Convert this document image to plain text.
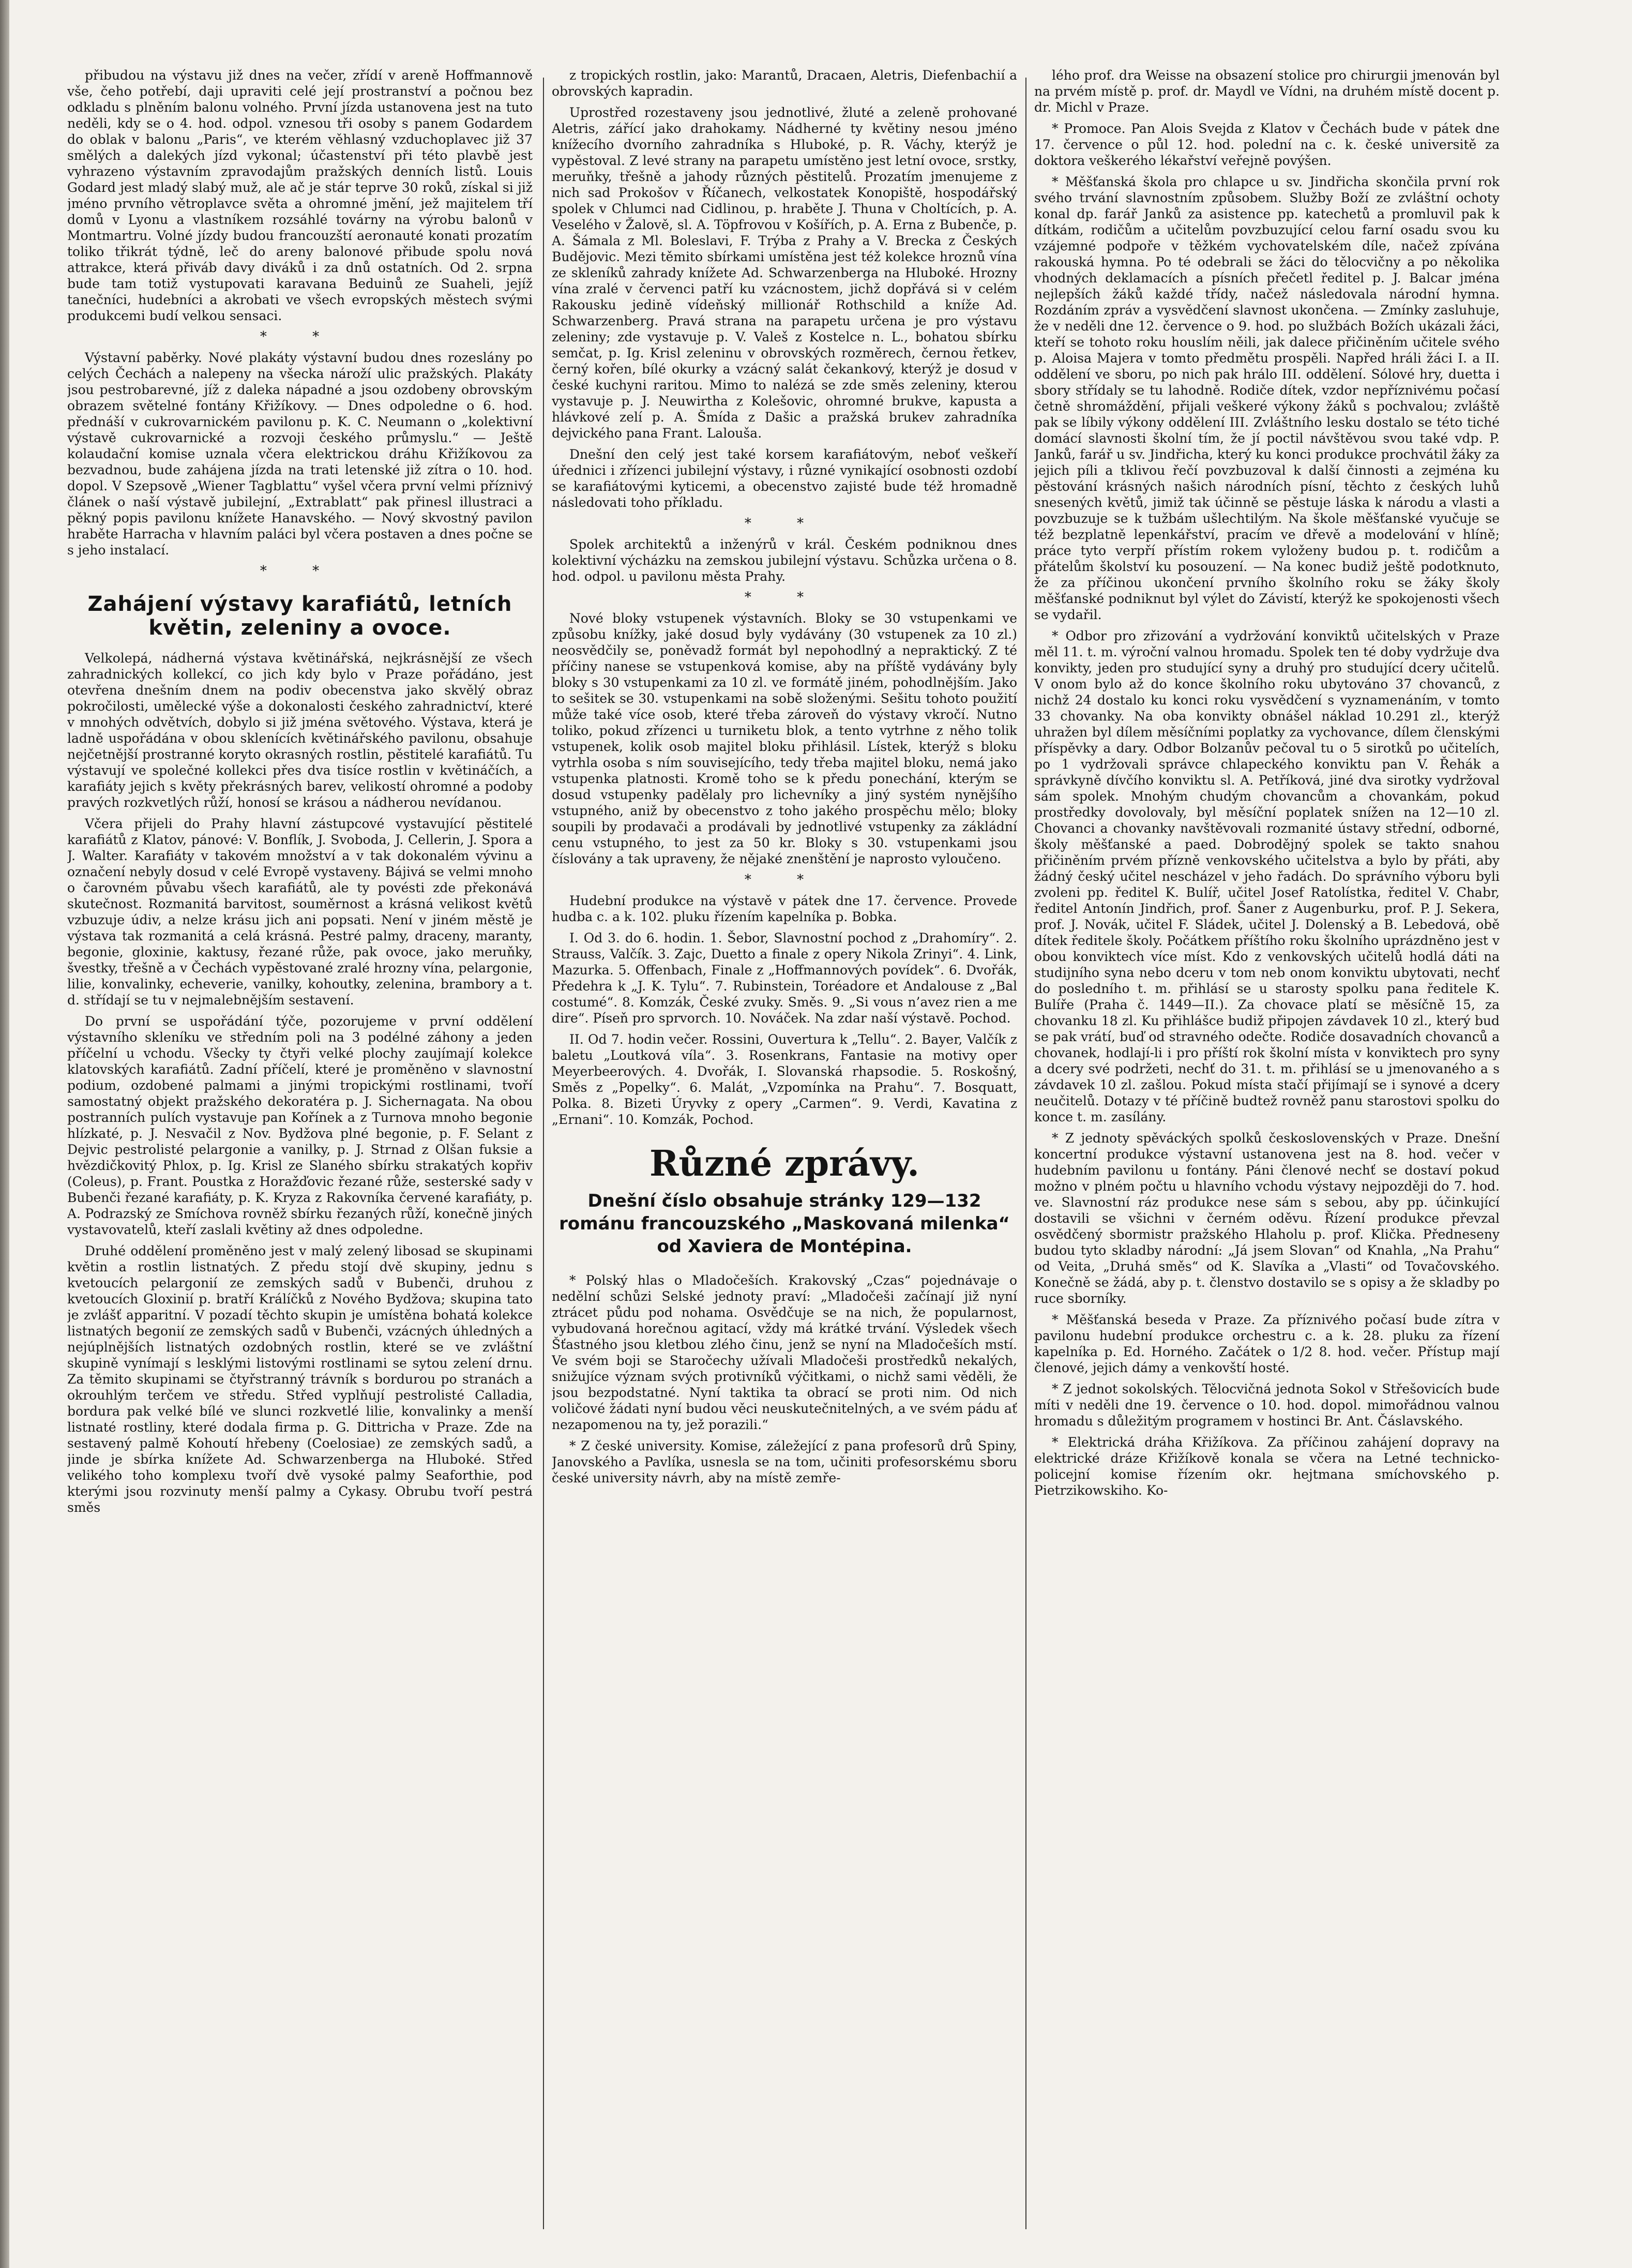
přibudou na výstavu již dnes na večer, zřídí v areně Hoffmannově vše, čeho potřebí, daji upraviti celé její prostranství a počnou bez odkladu s plněním balonu volného. První jízda ustanovena jest na tuto neděli, kdy se o 4. hod. odpol. vznesou tři osoby s panem Godardem do oblak v balonu „Paris“, ve kterém věhlasný vzduchoplavec již 37 smělých a dalekých jízd vykonal; účastenství při této plavbě jest vyhrazeno výstavním zpravodajům pražských denních listů. Louis Godard jest mladý slabý muž, ale ač je stár teprve 30 roků, získal si již jméno prvního větroplavce světa a ohromné jmění, jež majitelem tří domů v Lyonu a vlastníkem rozsáhlé továrny na výrobu balonů v Montmartru. Volné jízdy budou francouzští aeronauté konati prozatím toliko třikrát týdně, leč do areny balonové přibude spolu nová attrakce, která přiváb davy diváků i za dnů ostatních. Od 2. srpna bude tam totiž vystupovati karavana Beduinů ze Suaheli, jejíž tanečníci, hudebníci a akrobati ve všech evropských městech svými produkcemi budí velkou sensaci.

* *

Výstavní paběrky. Nové plakáty výstavní budou dnes rozeslány po celých Čechách a nalepeny na všecka nároží ulic pražských. Plakáty jsou pestrobarevné, jíž z daleka nápadné a jsou ozdobeny obrovským obrazem světelné fontány Křižíkovy. — Dnes odpoledne o 6. hod. přednáší v cukrovarnickém pavilonu p. K. C. Neumann o „kolektivní výstavě cukrovarnické a rozvoji českého průmyslu.“ — Ještě kolaudační komise uznala včera elektrickou dráhu Křižíkovou za bezvadnou, bude zahájena jízda na trati letenské již zítra o 10. hod. dopol. V Szepsově „Wiener Tagblattu“ vyšel včera první velmi příznivý článek o naší výstavě jubilejní, „Extrablatt“ pak přinesl illustraci a pěkný popis pavilonu knížete Hanavského. — Nový skvostný pavilon hraběte Harracha v hlavním paláci byl včera postaven a dnes počne se s jeho instalací.

* *
Zahájení výstavy karafiátů, letních květin, zeleniny a ovoce.

Velkolepá, nádherná výstava květinářská, nejkrásnější ze všech zahradnických kollekcí, co jich kdy bylo v Praze pořádáno, jest otevřena dnešním dnem na podiv obecenstva jako skvělý obraz pokročilosti, umělecké výše a dokonalosti českého zahradnictví, které v mnohých odvětvích, dobylo si již jména světového. Výstava, která je ladně uspořádána v obou sklenících květinářského pavilonu, obsahuje nejčetnější prostranné koryto okrasných rostlin, pěstitelé karafiátů. Tu výstavují ve společné kollekci přes dva tisíce rostlin v květináčích, a karafiáty jejich s květy překrásných barev, velikostí ohromné a podoby pravých rozkvetlých růží, honosí se krásou a nádherou nevídanou.

Včera přijeli do Prahy hlavní zástupcové vystavující pěstitelé karafiátů z Klatov, pánové: V. Bonflík, J. Svoboda, J. Cellerin, J. Spora a J. Walter. Karafiáty v takovém množství a v tak dokonalém vývinu a označení nebyly dosud v celé Evropě vystaveny. Bájivá se velmi mnoho o čarovném půvabu všech karafiátů, ale ty povésti zde překonává skutečnost. Rozmanitá barvitost, souměrnost a krásná velikost květů vzbuzuje údiv, a nelze krásu jich ani popsati. Není v jiném městě je výstava tak rozmanitá a celá krásná. Pestré palmy, draceny, maranty, begonie, gloxinie, kaktusy, řezané růže, pak ovoce, jako meruňky, švestky, třešně a v Čechách vypěstované zralé hrozny vína, pelargonie, lilie, konvalinky, echeverie, vanilky, kohoutky, zelenina, brambory a t. d. střídají se tu v nejmalebnějším sestavení.

Do první se uspořádání týče, pozorujeme v první oddělení výstavního skleníku ve středním poli na 3 podélné záhony a jeden příčelní u vchodu. Všecky ty čtyři velké plochy zaujímají kolekce klatovských karafiátů. Zadní příčelí, které je proměněno v slavnostní podium, ozdobené palmami a jinými tropickými rostlinami, tvoří samostatný objekt pražského dekoratéra p. J. Sichernagata. Na obou postranních pulích vystavuje pan Kořínek a z Turnova mnoho begonie hlízkaté, p. J. Nesvačil z Nov. Bydžova plné begonie, p. F. Selant z Dejvic pestrolisté pelargonie a vanilky, p. J. Strnad z Olšan fuksie a hvězdičkovitý Phlox, p. Ig. Krisl ze Slaného sbírku strakatých kopřiv (Coleus), p. Frant. Poustka z Horažďovic řezané růže, sesterské sady v Bubenči řezané karafiáty, p. K. Kryza z Rakovníka červené karafiáty, p. A. Podrazský ze Smíchova rovněž sbírku řezaných růží, konečně jiných vystavovatelů, kteří zaslali květiny až dnes odpoledne.

Druhé oddělení proměněno jest v malý zelený libosad se skupinami květin a rostlin listnatých. Z předu stojí dvě skupiny, jednu s kvetoucích pelargonií ze zemských sadů v Bubenči, druhou z kvetoucích Gloxinií p. bratří Králíčků z Nového Bydžova; skupina tato je zvlášť apparitní. V pozadí těchto skupin je umístěna bohatá kolekce listnatých begonií ze zemských sadů v Bubenči, vzácných úhledných a nejúplnějších listnatých ozdobných rostlin, které se ve zvláštní skupině vynímají s lesklými listovými rostlinami se sytou zelení drnu. Za těmito skupinami se čtyřstranný trávník s bordurou po stranách a okrouhlým terčem ve středu. Střed vyplňují pestrolisté Calladia, bordura pak velké bílé ve slunci rozkvetlé lilie, konvalinky a menší listnaté rostliny, které dodala firma p. G. Dittricha v Praze. Zde na sestavený palmě Kohoutí hřebeny (Coelosiae) ze zemských sadů, a jinde je sbírka knížete Ad. Schwarzenberga na Hluboké. Střed velikého toho komplexu tvoří dvě vysoké palmy Seaforthie, pod kterými jsou rozvinuty menší palmy a Cykasy. Obrubu tvoří pestrá směs

z tropických rostlin, jako: Marantů, Dracaen, Aletris, Diefenbachií a obrovských kapradin.

Uprostřed rozestaveny jsou jednotlivé, žluté a zeleně prohované Aletris, zářící jako drahokamy. Nádherné ty květiny nesou jméno knížecího dvorního zahradníka s Hluboké, p. R. Váchy, kterýž je vypěstoval. Z levé strany na parapetu umístěno jest letní ovoce, srstky, meruňky, třešně a jahody různých pěstitelů. Prozatím jmenujeme z nich sad Prokošov v Říčanech, velkostatek Konopiště, hospodářský spolek v Chlumci nad Cidlinou, p. hraběte J. Thuna v Choltících, p. A. Veselého v Žalově, sl. A. Töpfrovou v Košířích, p. A. Erna z Bubenče, p. A. Šámala z Ml. Boleslavi, F. Trýba z Prahy a V. Brecka z Českých Budějovic. Mezi těmito sbírkami umístěna jest též kolekce hroznů vína ze skleníků zahrady knížete Ad. Schwarzenberga na Hluboké. Hrozny vína zralé v červenci patří ku vzácnostem, jichž dopřává si v celém Rakousku jedině vídeňský millionář Rothschild a kníže Ad. Schwarzenberg. Pravá strana na parapetu určena je pro výstavu zeleniny; zde vystavuje p. V. Valeš z Kostelce n. L., bohatou sbírku semčat, p. Ig. Krisl zeleninu v obrovských rozměrech, černou řetkev, černý kořen, bílé okurky a vzácný salát čekankový, kterýž je dosud v české kuchyni raritou. Mimo to nalézá se zde směs zeleniny, kterou vystavuje p. J. Neuwirtha z Kolešovic, ohromné brukve, kapusta a hlávkové zelí p. A. Šmída z Dašic a pražská brukev zahradníka dejvického pana Frant. Lalouša.

Dnešní den celý jest také korsem karafiátovým, neboť veškeří úřednici i zřízenci jubilejní výstavy, i různé vynikající osobnosti ozdobí se karafiátovými kyticemi, a obecenstvo zajisté bude též hromadně následovati toho příkladu.

* *

Spolek architektů a inženýrů v král. Českém podniknou dnes kolektivní výcházku na zemskou jubilejní výstavu. Schůzka určena o 8. hod. odpol. u pavilonu města Prahy.

* *

Nové bloky vstupenek výstavních. Bloky se 30 vstupenkami ve způsobu knížky, jaké dosud byly vydávány (30 vstupenek za 10 zl.) neosvědčily se, poněvadž formát byl nepohodlný a nepraktický. Z té příčiny nanese se vstupenková komise, aby na příště vydávány byly bloky s 30 vstupenkami za 10 zl. ve formátě jiném, pohodlnějším. Jako to sešitek se 30. vstupenkami na sobě složenými. Sešitu tohoto použití může také více osob, které třeba zároveň do výstavy vkročí. Nutno toliko, pokud zřízenci u turniketu blok, a tento vytrhne z něho tolik vstupenek, kolik osob majitel bloku přihlásil. Lístek, kterýž s bloku vytrhla osoba s ním souvisejícího, tedy třeba majitel bloku, nemá jako vstupenka platnosti. Kromě toho se k předu ponechání, kterým se dosud vstupenky padělaly pro lichevníky a jiný systém nynějšího vstupného, aniž by obecenstvo z toho jakého prospěchu mělo; bloky soupili by prodavači a prodávali by jednotlivé vstupenky za zákládní cenu vstupného, to jest za 50 kr. Bloky s 30. vstupenkami jsou číslovány a tak upraveny, že nějaké znenštění je naprosto vyloučeno.

* *

Hudební produkce na výstavě v pátek dne 17. července. Provede hudba c. a k. 102. pluku řízením kapelníka p. Bobka.

I. Od 3. do 6. hodin. 1. Šebor, Slavnostní pochod z „Drahomíry“. 2. Strauss, Valčík. 3. Zajc, Duetto a finale z opery Nikola Zrinyi“. 4. Link, Mazurka. 5. Offenbach, Finale z „Hoffmannových povídek“. 6. Dvořák, Předehra k „J. K. Tylu“. 7. Rubinstein, Toréadore et Andalouse z „Bal costumé“. 8. Komzák, České zvuky. Směs. 9. „Si vous n’avez rien a me dire“. Píseň pro sprvorch. 10. Nováček. Na zdar naší výstavě. Pochod.

II. Od 7. hodin večer. Rossini, Ouvertura k „Tellu“. 2. Bayer, Valčík z baletu „Loutková víla“. 3. Rosenkrans, Fantasie na motivy oper Meyerbeerových. 4. Dvořák, I. Slovanská rhapsodie. 5. Roskošný, Směs z „Popelky“. 6. Malát, „Vzpomínka na Prahu“. 7. Bosquatt, Polka. 8. Bizeti Úryvky z opery „Carmen“. 9. Verdi, Kavatina z „Ernani“. 10. Komzák, Pochod.

Různé zprávy.
Dnešní číslo obsahuje stránky 129—132 románu francouzského „Maskovaná milenka“ od Xaviera de Montépina.

* Polský hlas o Mladočeších. Krakovský „Czas“ pojednávaje o nedělní schůzi Selské jednoty praví: „Mladočeši začínají již nyní ztrácet půdu pod nohama. Osvědčuje se na nich, že popularnost, vybudovaná horečnou agitací, vždy má krátké trvání. Výsledek všech Šťastného jsou kletbou zlého činu, jenž se nyní na Mladočeších mstí. Ve svém boji se Staročechy užívali Mladočeši prostředků nekalých, snižujíce význam svých protivníků výčitkami, o nichž sami věděli, že jsou bezpodstatné. Nyní taktika ta obrací se proti nim. Od nich voličové žádati nyní budou věci neuskutečnitelných, a ve svém pádu ať nezapomenou na ty, jež porazili.“

* Z české university. Komise, záležející z pana profesorů drů Spiny, Janovského a Pavlíka, usnesla se na tom, učiniti profesorskému sboru české university návrh, aby na místě zemře-

lého prof. dra Weisse na obsazení stolice pro chirurgii jmenován byl na prvém místě p. prof. dr. Maydl ve Vídni, na druhém místě docent p. dr. Michl v Praze.

* Promoce. Pan Alois Svejda z Klatov v Čechách bude v pátek dne 17. července o půl 12. hod. polední na c. k. české universitě za doktora veškerého lékařství veřejně povýšen.

* Měšťanská škola pro chlapce u sv. Jindřicha skončila první rok svého trvání slavnostním způsobem. Služby Boží ze zvláštní ochoty konal dp. farář Janků za asistence pp. katechetů a promluvil pak k dítkám, rodičům a učitelům povzbuzující celou farní osadu svou ku vzájemné podpoře v těžkém vychovatelském díle, načež zpívána rakouská hymna. Po té odebrali se žáci do tělocvičny a po několika vhodných deklamacích a písních přečetl ředitel p. J. Balcar jména nejlepších žáků každé třídy, načež následovala národní hymna. Rozdáním zpráv a vysvědčení slavnost ukončena. — Zmínky zasluhuje, že v neděli dne 12. července o 9. hod. po službách Božích ukázali žáci, kteří se tohoto roku houslím něili, jak dalece přičiněním učitele svého p. Aloisa Majera v tomto předmětu prospěli. Napřed hráli žáci I. a II. oddělení ve sboru, po nich pak hrálo III. oddělení. Sólové hry, duetta i sbory střídaly se tu lahodně. Rodiče dítek, vzdor nepříznivému počasí četně shromáždění, přijali veškeré výkony žáků s pochvalou; zvláště pak se líbily výkony oddělení III. Zvláštního lesku dostalo se této tiché domácí slavnosti školní tím, že jí poctil návštěvou svou také vdp. P. Janků, farář u sv. Jindřicha, který ku konci produkce prochvátil žáky za jejich píli a tklivou řečí povzbuzoval k další činnosti a zejména ku pěstování krásných našich národních písní, těchto z českých luhů snesených květů, jimiž tak účinně se pěstuje láska k národu a vlasti a povzbuzuje se k tužbám ušlechtilým. Na škole měšťanské vyučuje se též bezplatně lepenkářství, pracím ve dřevě a modelování v hlíně; práce tyto verpří přístím rokem vyloženy budou p. t. rodičům a přátelům školství ku posouzení. — Na konec budiž ještě podotknuto, že za příčinou ukončení prvního školního roku se žáky školy měšťanské podniknut byl výlet do Závistí, kterýž ke spokojenosti všech se vydařil.

* Odbor pro zřizování a vydržování konviktů učitelských v Praze měl 11. t. m. výroční valnou hromadu. Spolek ten té doby vydržuje dva konvikty, jeden pro studující syny a druhý pro studující dcery učitelů. V onom bylo až do konce školního roku ubytováno 37 chovanců, z nichž 24 dostalo ku konci roku vysvědčení s vyznamenáním, v tomto 33 chovanky. Na oba konvikty obnášel náklad 10.291 zl., kterýž uhražen byl dílem měsíčními poplatky za vychovance, dílem členskými příspěvky a dary. Odbor Bolzanův pečoval tu o 5 sirotků po učitelích, po 1 vydržovali správce chlapeckého konviktu pan V. Řehák a správkyně dívčího konviktu sl. A. Petříková, jiné dva sirotky vydržoval sám spolek. Mnohým chudým chovancům a chovankám, pokud prostředky dovolovaly, byl měsíční poplatek snížen na 12—10 zl. Chovanci a chovanky navštěvovali rozmanité ústavy střední, odborné, školy měšťanské a paed. Dobrodějný spolek se takto snahou přičiněním prvém přízně venkovského učitelstva a bylo by přáti, aby žádný český učitel nescházel v jeho řadách. Do správního výboru byli zvoleni pp. ředitel K. Bulíř, učitel Josef Ratolístka, ředitel V. Chabr, ředitel Antonín Jindřich, prof. Šaner z Augenburku, prof. P. J. Sekera, prof. J. Novák, učitel F. Sládek, učitel J. Dolenský a B. Lebedová, obě dítek ředitele školy. Počátkem příštího roku školního uprázdněno jest v obou konviktech více míst. Kdo z venkovských učitelů hodlá dáti na studijního syna nebo dceru v tom neb onom konviktu ubytovati, nechť do posledního t. m. přihlásí se u starosty spolku pana ředitele K. Bulíře (Praha č. 1449—II.). Za chovace platí se měsíčně 15, za chovanku 18 zl. Ku přihlášce budiž připojen závdavek 10 zl., který bud se pak vrátí, buď od stravného odečte. Rodiče dosavadních chovanců a chovanek, hodlají-li i pro příští rok školní místa v konviktech pro syny a dcery své podržeti, nechť do 31. t. m. přihlásí se u jmenovaného a s závdavek 10 zl. zašlou. Pokud místa stačí přijímají se i synové a dcery neučitelů. Dotazy v té příčině budtež rovněž panu starostovi spolku do konce t. m. zasílány.

* Z jednoty spěváckých spolků československých v Praze. Dnešní koncertní produkce výstavní ustanovena jest na 8. hod. večer v hudebním pavilonu u fontány. Páni členové nechť se dostaví pokud možno v plném počtu u hlavního vchodu výstavy nejpozději do 7. hod. ve. Slavnostní ráz produkce nese sám s sebou, aby pp. účinkující dostavili se všichni v černém oděvu. Řízení produkce převzal osvědčený sbormistr pražského Hlaholu p. prof. Klička. Předneseny budou tyto skladby národní: „Já jsem Slovan“ od Knahla, „Na Prahu“ od Veita, „Druhá směs“ od K. Slavíka a „Vlasti“ od Tovačovského. Konečně se žádá, aby p. t. členstvo dostavilo se s opisy a že skladby po ruce sborníky.

* Měšťanská beseda v Praze. Za příznivého počasí bude zítra v pavilonu hudební produkce orchestru c. a k. 28. pluku za řízení kapelníka p. Ed. Horného. Začátek o 1/2 8. hod. večer. Přístup mají členové, jejich dámy a venkovští hosté.

* Z jednot sokolských. Tělocvičná jednota Sokol v Střešovicích bude míti v neděli dne 19. července o 10. hod. dopol. mimořádnou valnou hromadu s důležitým programem v hostinci Br. Ant. Čáslavského.

* Elektrická dráha Křižíkova. Za příčinou zahájení dopravy na elektrické dráze Křižíkově konala se včera na Letné technicko-policejní komise řízením okr. hejtmana smíchovského p. Pietrzikowskiho. Ko-
